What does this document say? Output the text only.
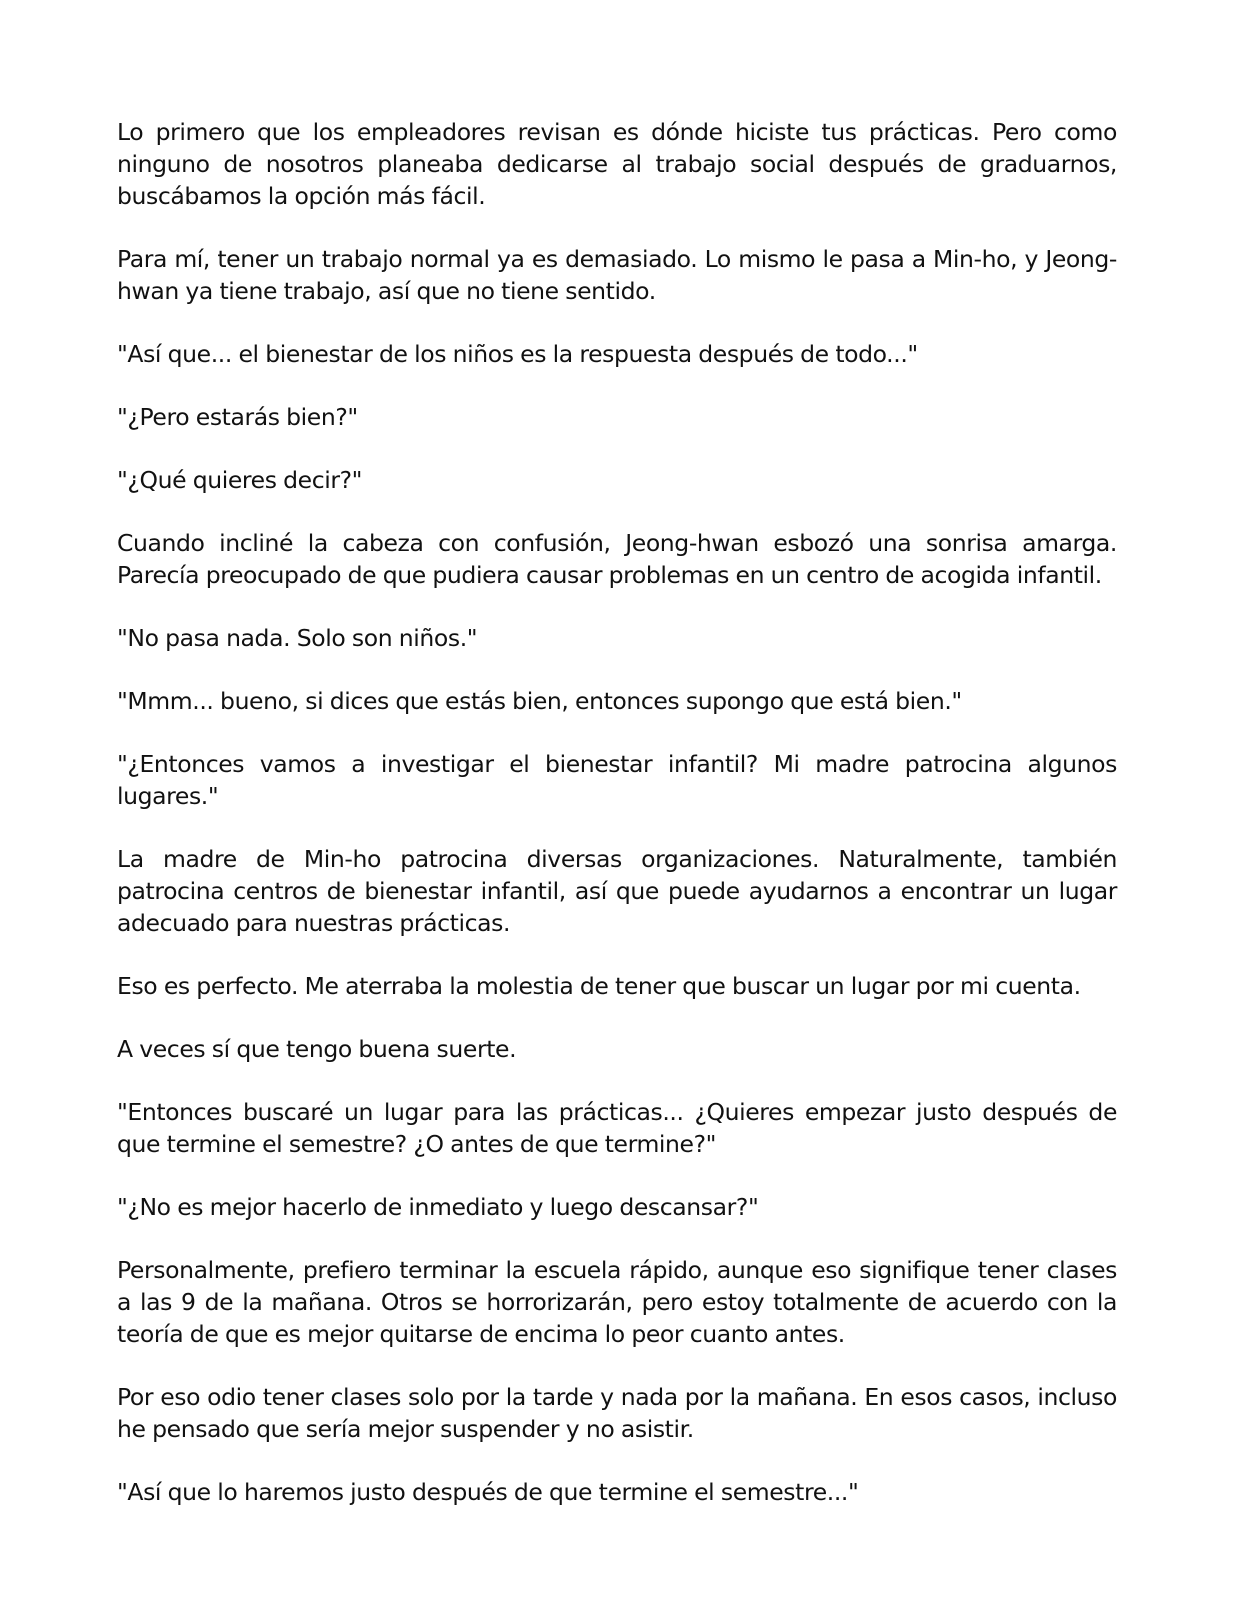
Lo primero que los empleadores revisan es dónde hiciste tus prácticas. Pero como ninguno de nosotros planeaba dedicarse al trabajo social después de graduarnos, buscábamos la opción más fácil.

Para mí, tener un trabajo normal ya es demasiado. Lo mismo le pasa a Min-ho, y Jeong-hwan ya tiene trabajo, así que no tiene sentido.

"Así que... el bienestar de los niños es la respuesta después de todo..."

"¿Pero estarás bien?"

"¿Qué quieres decir?"

Cuando incliné la cabeza con confusión, Jeong-hwan esbozó una sonrisa amarga. Parecía preocupado de que pudiera causar problemas en un centro de acogida infantil.

"No pasa nada. Solo son niños."

"Mmm... bueno, si dices que estás bien, entonces supongo que está bien."

"¿Entonces vamos a investigar el bienestar infantil? Mi madre patrocina algunos lugares."

La madre de Min-ho patrocina diversas organizaciones. Naturalmente, también patrocina centros de bienestar infantil, así que puede ayudarnos a encontrar un lugar adecuado para nuestras prácticas.

Eso es perfecto. Me aterraba la molestia de tener que buscar un lugar por mi cuenta.

A veces sí que tengo buena suerte.

"Entonces buscaré un lugar para las prácticas... ¿Quieres empezar justo después de que termine el semestre? ¿O antes de que termine?"

"¿No es mejor hacerlo de inmediato y luego descansar?"

Personalmente, prefiero terminar la escuela rápido, aunque eso signifique tener clases a las 9 de la mañana. Otros se horrorizarán, pero estoy totalmente de acuerdo con la teoría de que es mejor quitarse de encima lo peor cuanto antes.

Por eso odio tener clases solo por la tarde y nada por la mañana. En esos casos, incluso he pensado que sería mejor suspender y no asistir.

"Así que lo haremos justo después de que termine el semestre..."
